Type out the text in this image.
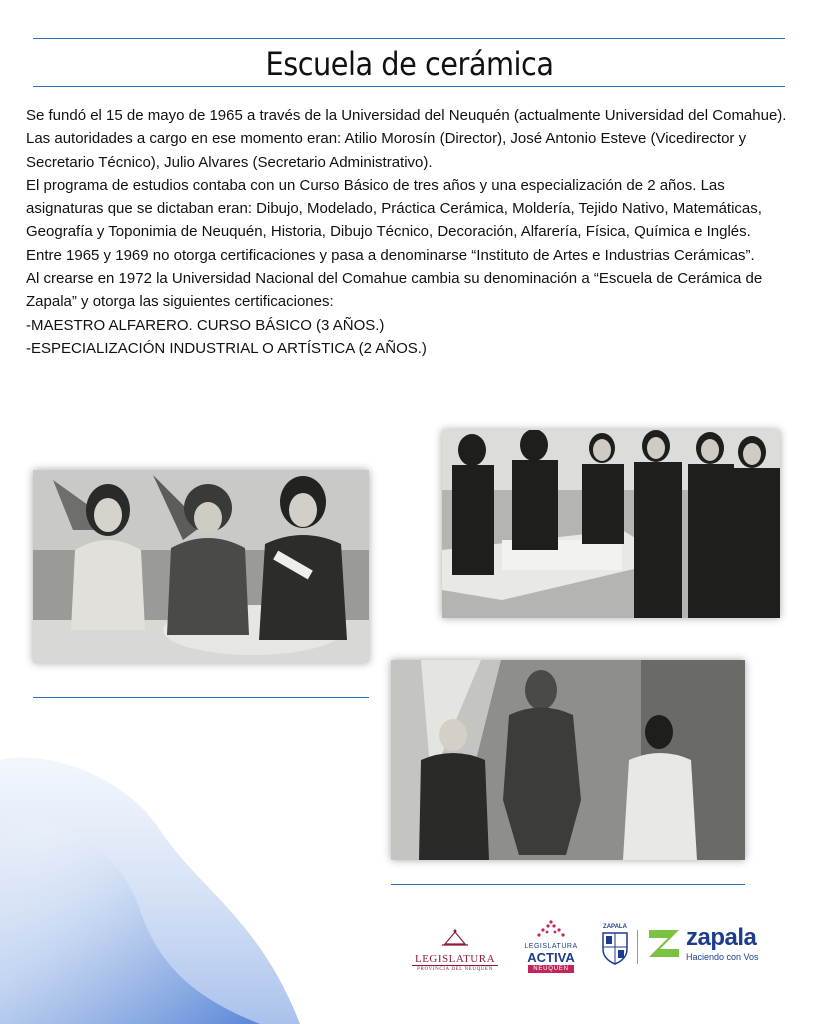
Escuela de cerámica

Se fundó el 15 de mayo de 1965 a través de la Universidad del Neuquén (actualmente Universidad del Comahue). Las autoridades a cargo en ese momento eran: Atilio Morosín (Director), José Antonio Esteve (Vicedirector y Secretario Técnico), Julio Alvares (Secretario Administrativo).

El programa de estudios contaba con un Curso Básico de tres años y una especialización de 2 años. Las asignaturas que se dictaban eran: Dibujo, Modelado, Práctica Cerámica, Moldería, Tejido Nativo, Matemáticas, Geografía y Toponimia de Neuquén, Historia, Dibujo Técnico, Decoración, Alfarería, Física, Química e Inglés.

Entre 1965 y 1969 no otorga certificaciones y pasa a denominarse “Instituto de Artes e Industrias Cerámicas”.

Al crearse en 1972 la Universidad Nacional del Comahue cambia su denominación a “Escuela de Cerámica de Zapala” y otorga las siguientes certificaciones:

-MAESTRO ALFARERO. CURSO BÁSICO (3 AÑOS.)

-ESPECIALIZACIÓN INDUSTRIAL O ARTÍSTICA (2 AÑOS.)

LEGISLATURA
PROVINCIA DEL NEUQUÉN
LEGISLATURA
ACTIVA
NEUQUÉN
ZAPALA zapala
Haciendo con Vos
